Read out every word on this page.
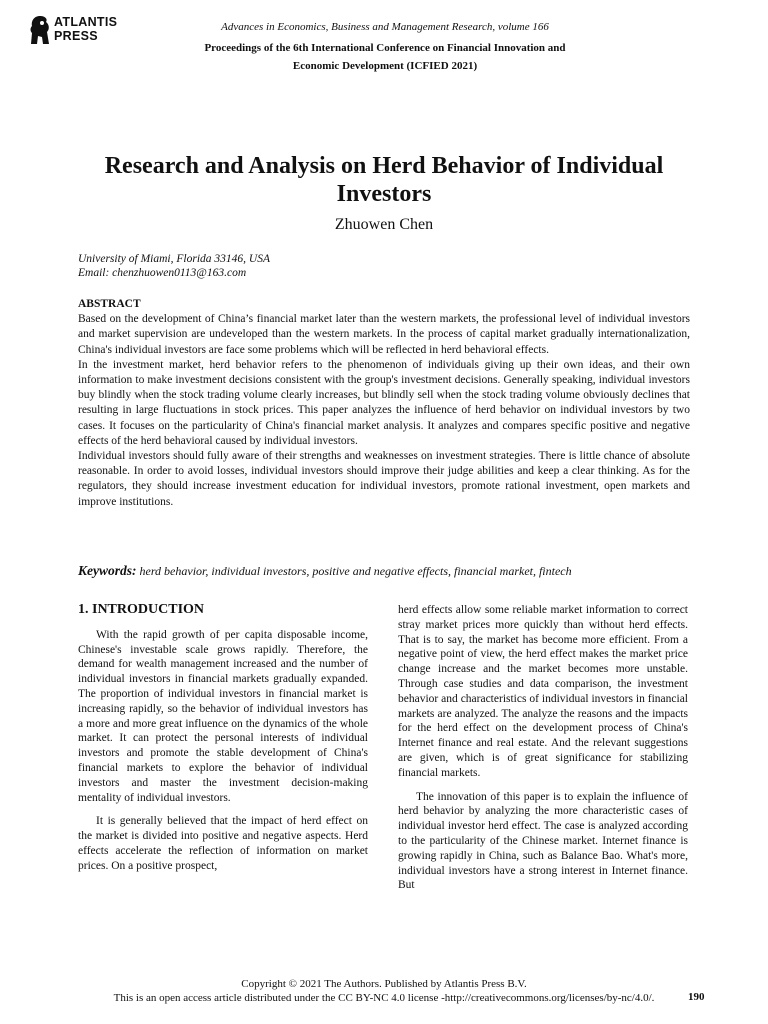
ATLANTIS
PRESS
Advances in Economics, Business and Management Research, volume 166
Proceedings of the 6th International Conference on Financial Innovation and
Economic Development (ICFIED 2021)
Research and Analysis on Herd Behavior of Individual Investors
Zhuowen Chen
University of Miami, Florida 33146, USA
Email: chenzhuowen0113@163.com
ABSTRACT

Based on the development of China’s financial market later than the western markets, the professional level of individual investors and market supervision are undeveloped than the western markets. In the process of capital market gradually internationalization, China's individual investors are face some problems which will be reflected in herd behavioral effects.

In the investment market, herd behavior refers to the phenomenon of individuals giving up their own ideas, and their own information to make investment decisions consistent with the group's investment decisions. Generally speaking, individual investors buy blindly when the stock trading volume clearly increases, but blindly sell when the stock trading volume obviously declines that resulting in large fluctuations in stock prices. This paper analyzes the influence of herd behavior on individual investors by two cases. It focuses on the particularity of China's financial market analysis. It analyzes and compares specific positive and negative effects of the herd behavioral caused by individual investors.

Individual investors should fully aware of their strengths and weaknesses on investment strategies. There is little chance of absolute reasonable. In order to avoid losses, individual investors should improve their judge abilities and keep a clear thinking. As for the regulators, they should increase investment education for individual investors, promote rational investment, open markets and improve institutions.

Keywords: herd behavior, individual investors, positive and negative effects, financial market, fintech
1. INTRODUCTION

With the rapid growth of per capita disposable income, Chinese's investable scale grows rapidly. Therefore, the demand for wealth management increased and the number of individual investors in financial markets gradually expanded. The proportion of individual investors in financial market is increasing rapidly, so the behavior of individual investors has a more and more great influence on the dynamics of the whole market. It can protect the personal interests of individual investors and promote the stable development of China's financial markets to explore the behavior of individual investors and master the investment decision-making mentality of individual investors.

It is generally believed that the impact of herd effect on the market is divided into positive and negative aspects. Herd effects accelerate the reflection of information on market prices. On a positive prospect,

herd effects allow some reliable market information to correct stray market prices more quickly than without herd effects. That is to say, the market has become more efficient. From a negative point of view, the herd effect makes the market price change increase and the market becomes more unstable. Through case studies and data comparison, the investment behavior and characteristics of individual investors in financial markets are analyzed. The analyze the reasons and the impacts for the herd effect on the development process of China's Internet finance and real estate. And the relevant suggestions are given, which is of great significance for stabilizing financial markets.

The innovation of this paper is to explain the influence of herd behavior by analyzing the more characteristic cases of individual investor herd effect. The case is analyzed according to the particularity of the Chinese market. Internet finance is growing rapidly in China, such as Balance Bao. What's more, individual investors have a strong interest in Internet finance. But

Copyright © 2021 The Authors. Published by Atlantis Press B.V.
This is an open access article distributed under the CC BY-NC 4.0 license -http://creativecommons.org/licenses/by-nc/4.0/.	190
